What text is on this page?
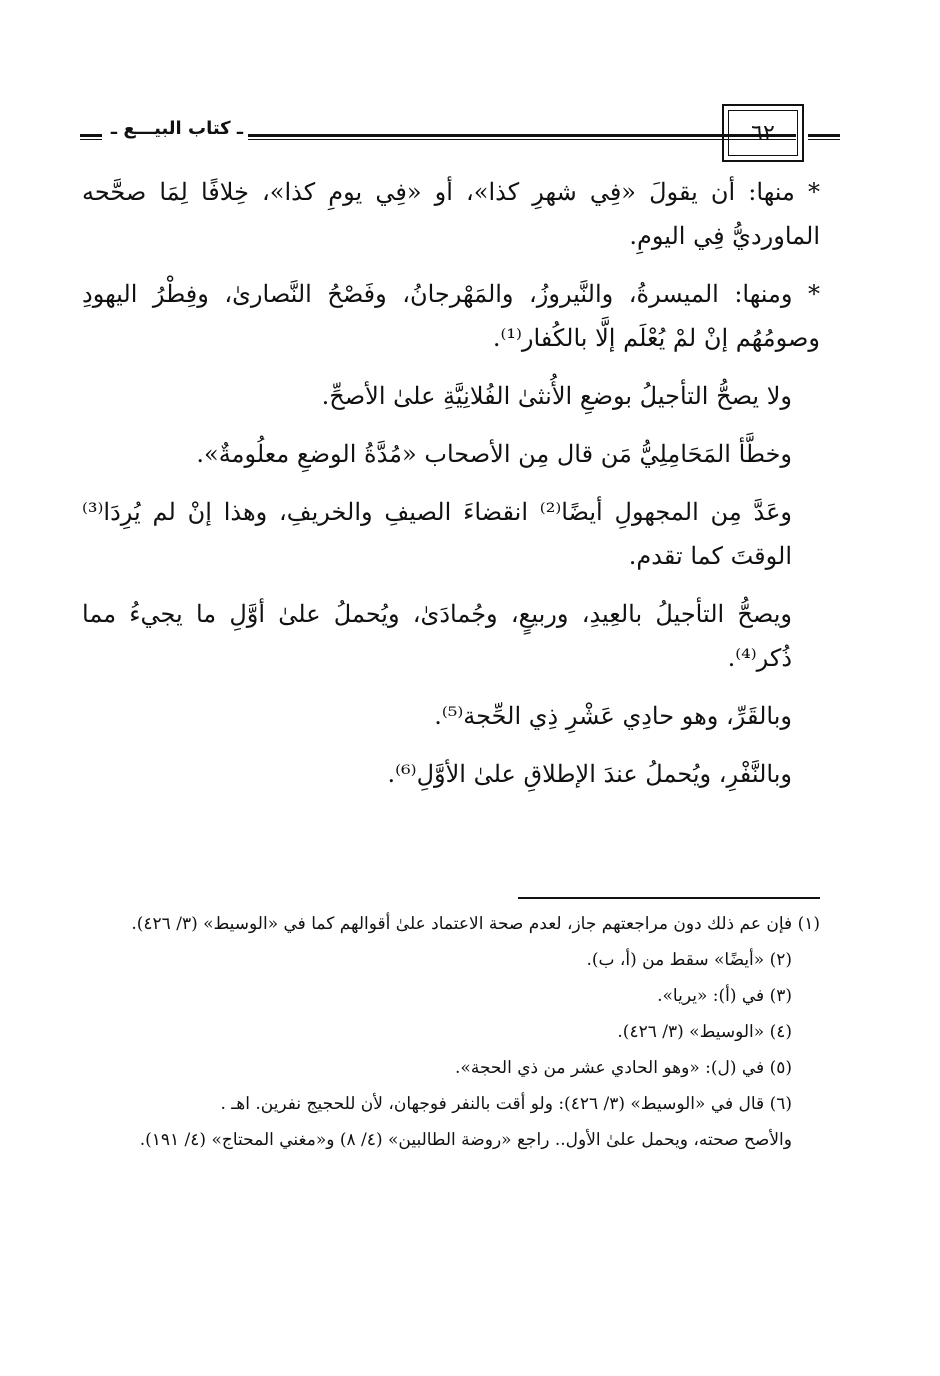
ـ كتاب البيـــع ـ	٦٢

* منها: أن يقولَ «فِي شهرِ كذا»، أو «فِي يومِ كذا»، خِلافًا لِمَا صحَّحه الماورديُّ فِي اليومِ.

* ومنها: الميسرةُ، والنَّيروزُ، والمَهْرجانُ، وفَصْحُ النَّصارىٰ، وفِطْرُ اليهودِ وصومُهُم إنْ لمْ يُعْلَم إلَّا بالكُفار⁽¹⁾.

ولا يصحُّ التأجيلُ بوضعِ الأُنثىٰ الفُلانِيَّةِ علىٰ الأصحِّ.

وخطَّأ المَحَامِلِيُّ مَن قال مِن الأصحاب «مُدَّةُ الوضعِ معلُومةٌ».

وعَدَّ مِن المجهولِ أيضًا⁽²⁾ انقضاءَ الصيفِ والخريفِ، وهذا إنْ لم يُرِدَا⁽³⁾ الوقتَ كما تقدم.

ويصحُّ التأجيلُ بالعِيدِ، وربيعٍ، وجُمادَىٰ، ويُحملُ علىٰ أوَّلِ ما يجيءُ مما ذُكر⁽⁴⁾.

وبالقَرِّ، وهو حادِي عَشْرِ ذِي الحِّجة⁽⁵⁾.

وبالنَّفْرِ، ويُحملُ عندَ الإطلاقِ علىٰ الأوَّلِ⁽⁶⁾.

(١) فإن عم ذلك دون مراجعتهم جاز، لعدم صحة الاعتماد علىٰ أقوالهم كما في «الوسيط» (٣/ ٤٢٦).

(٢) «أيضًا» سقط من (أ، ب).

(٣) في (أ): «يريا».

(٤) «الوسيط» (٣/ ٤٢٦).

(٥) في (ل): «وهو الحادي عشر من ذي الحجة».

(٦) قال في «الوسيط» (٣/ ٤٢٦): ولو أقت بالنفر فوجهان، لأن للحجيج نفرين. اهـ .

والأصح صحته، ويحمل علىٰ الأول.. راجع «روضة الطالبين» (٤/ ٨) و«مغني المحتاج» (٤/ ١٩١).
